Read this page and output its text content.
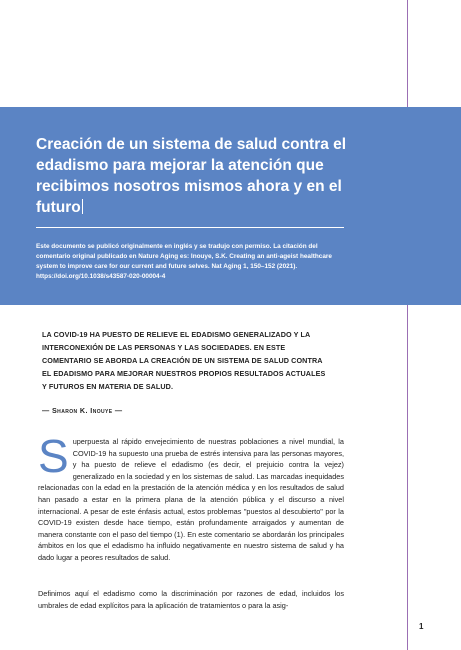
Creación de un sistema de salud contra el edadismo para mejorar la atención que recibimos nosotros mismos ahora y en el futuro

Este documento se publicó originalmente en inglés y se tradujo con permiso. La citación del comentario original publicado en Nature Aging es: Inouye, S.K. Creating an anti-ageist healthcare system to improve care for our current and future selves. Nat Aging 1, 150–152 (2021). https://doi.org/10.1038/s43587-020-00004-4

LA COVID-19 HA PUESTO DE RELIEVE EL EDADISMO GENERALIZADO Y LA INTERCONEXIÓN DE LAS PERSONAS Y LAS SOCIEDADES. EN ESTE COMENTARIO SE ABORDA LA CREACIÓN DE UN SISTEMA DE SALUD CONTRA EL EDADISMO PARA MEJORAR NUESTROS PROPIOS RESULTADOS ACTUALES Y FUTUROS EN MATERIA DE SALUD.

— Sharon K. Inouye —

Superpuesta al rápido envejecimiento de nuestras poblaciones a nivel mundial, la COVID-19 ha supuesto una prueba de estrés intensiva para las personas mayores, y ha puesto de relieve el edadismo (es decir, el prejuicio contra la vejez) generalizado en la sociedad y en los sistemas de salud. Las marcadas inequidades relacionadas con la edad en la prestación de la atención médica y en los resultados de salud han pasado a estar en la primera plana de la atención pública y el discurso a nivel internacional. A pesar de este énfasis actual, estos problemas "puestos al descubierto" por la COVID-19 existen desde hace tiempo, están profundamente arraigados y aumentan de manera constante con el paso del tiempo (1). En este comentario se abordarán los principales ámbitos en los que el edadismo ha influido negativamente en nuestro sistema de salud y ha dado lugar a peores resultados de salud.

Definimos aquí el edadismo como la discriminación por razones de edad, incluidos los umbrales de edad explícitos para la aplicación de tratamientos o para la asig-

1
